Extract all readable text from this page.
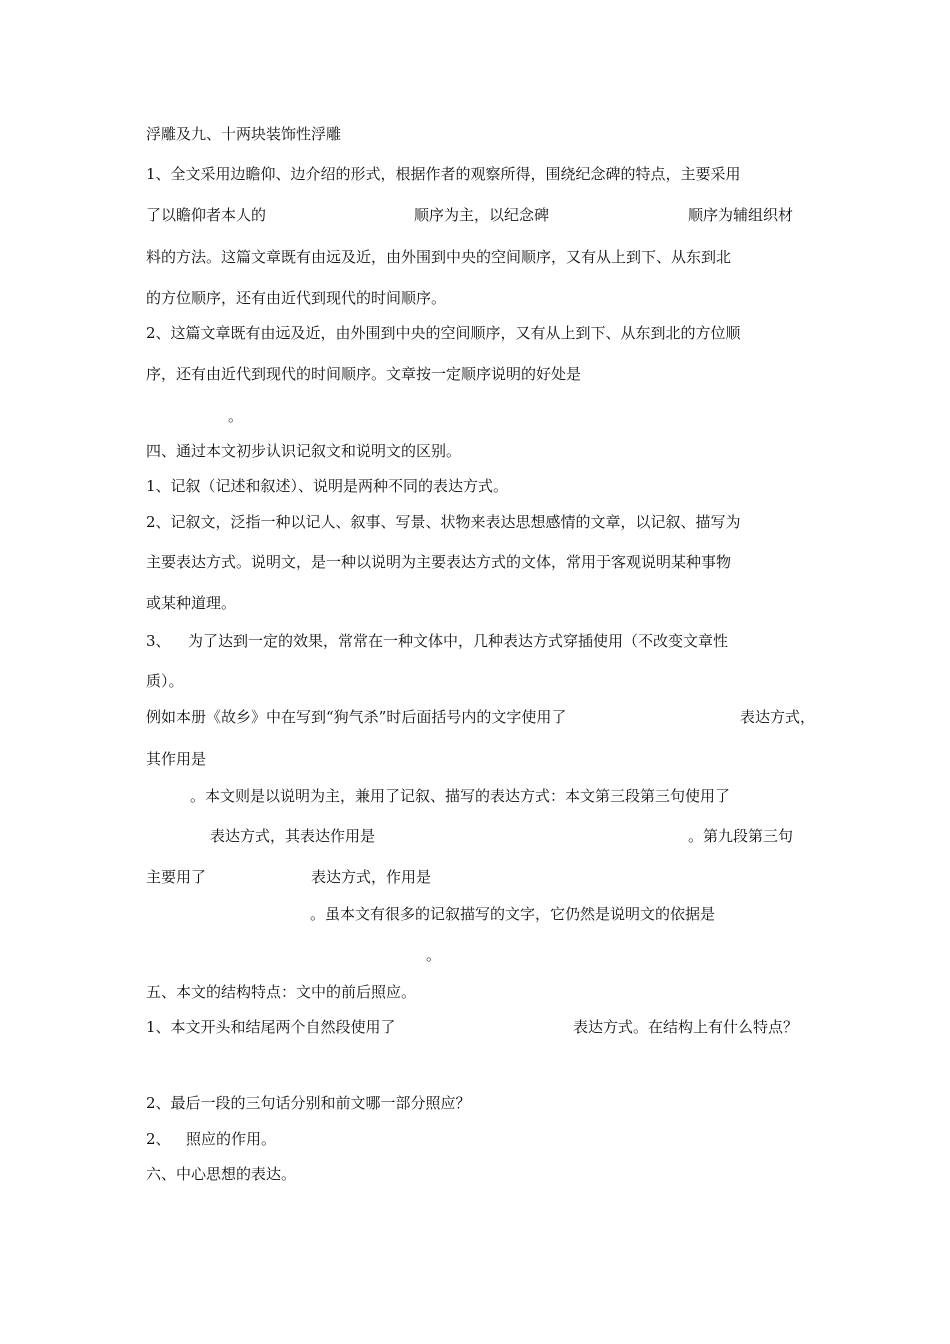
浮雕及九、十两块装饰性浮雕
1、全文采用边瞻仰、边介绍的形式，根据作者的观察所得，围绕纪念碑的特点，主要采用
了以瞻仰者本人的	顺序为主，以纪念碑	顺序为辅组织材
料的方法。这篇文章既有由远及近，由外围到中央的空间顺序，又有从上到下、从东到北
的方位顺序，还有由近代到现代的时间顺序。
2、这篇文章既有由远及近，由外围到中央的空间顺序，又有从上到下、从东到北的方位顺
序，还有由近代到现代的时间顺序。文章按一定顺序说明的好处是
。
四、通过本文初步认识记叙文和说明文的区别。
1、记叙（记述和叙述）、说明是两种不同的表达方式。
2、记叙文，泛指一种以记人、叙事、写景、状物来表达思想感情的文章，以记叙、描写为
主要表达方式。说明文，是一种以说明为主要表达方式的文体，常用于客观说明某种事物
或某种道理。
3、 为了达到一定的效果，常常在一种文体中，几种表达方式穿插使用（不改变文章性
质）。
例如本册《故乡》中在写到“狗气杀”时后面括号内的文字使用了	表达方式，
其作用是
。本文则是以说明为主，兼用了记叙、描写的表达方式：本文第三段第三句使用了
表达方式，其表达作用是	。第九段第三句
主要用了	表达方式，作用是
。虽本文有很多的记叙描写的文字，它仍然是说明文的依据是
。
五、本文的结构特点：文中的前后照应。
1、本文开头和结尾两个自然段使用了	表达方式。在结构上有什么特点？
2、最后一段的三句话分别和前文哪一部分照应？
2、 照应的作用。
六、中心思想的表达。
